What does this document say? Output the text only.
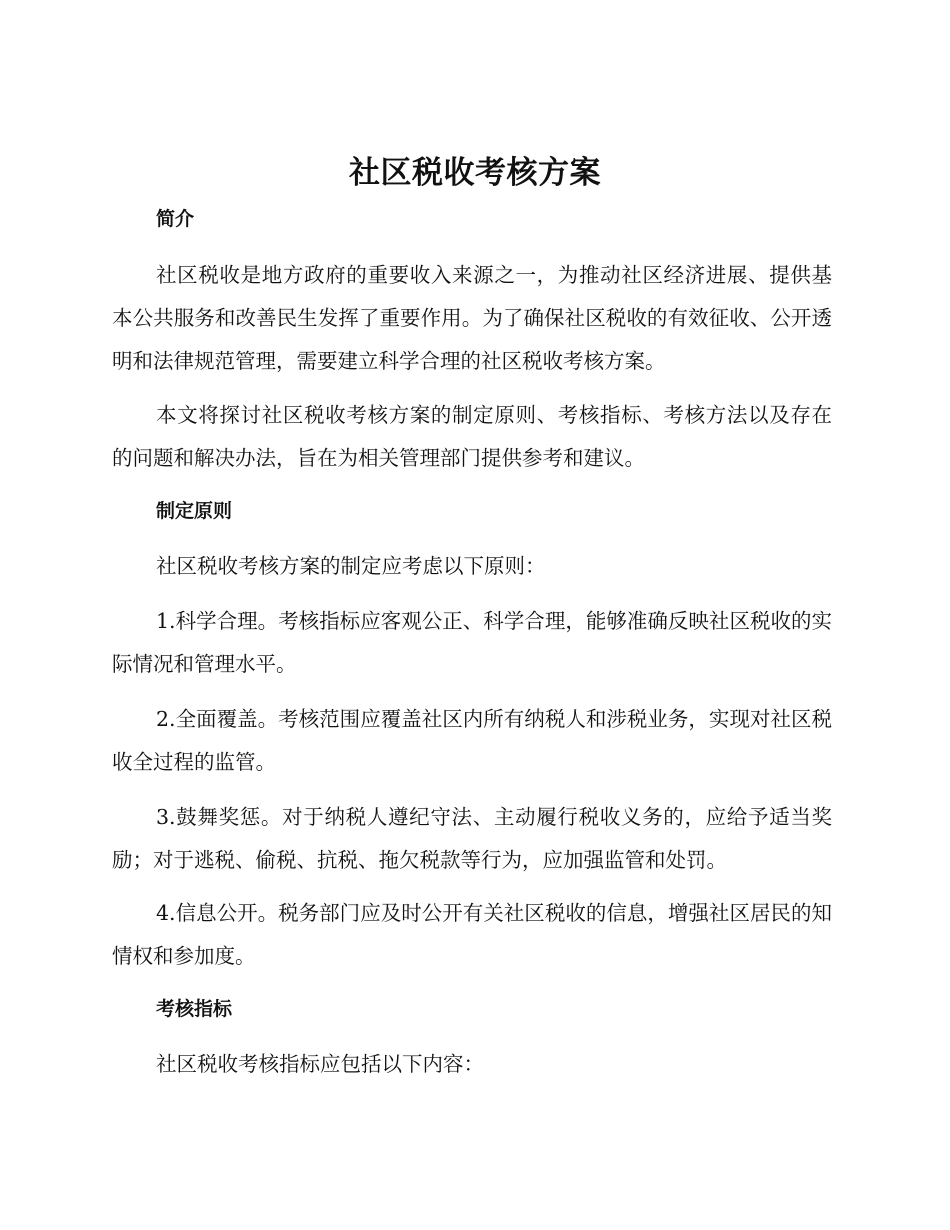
社区税收考核方案
简介

社区税收是地方政府的重要收入来源之一，为推动社区经济进展、提供基本公共服务和改善民生发挥了重要作用。为了确保社区税收的有效征收、公开透明和法律规范管理，需要建立科学合理的社区税收考核方案。

本文将探讨社区税收考核方案的制定原则、考核指标、考核方法以及存在的问题和解决办法，旨在为相关管理部门提供参考和建议。

制定原则

社区税收考核方案的制定应考虑以下原则：

1.科学合理。考核指标应客观公正、科学合理，能够准确反映社区税收的实际情况和管理水平。

2.全面覆盖。考核范围应覆盖社区内所有纳税人和涉税业务，实现对社区税收全过程的监管。

3.鼓舞奖惩。对于纳税人遵纪守法、主动履行税收义务的，应给予适当奖励；对于逃税、偷税、抗税、拖欠税款等行为，应加强监管和处罚。

4.信息公开。税务部门应及时公开有关社区税收的信息，增强社区居民的知情权和参加度。

考核指标

社区税收考核指标应包括以下内容：
